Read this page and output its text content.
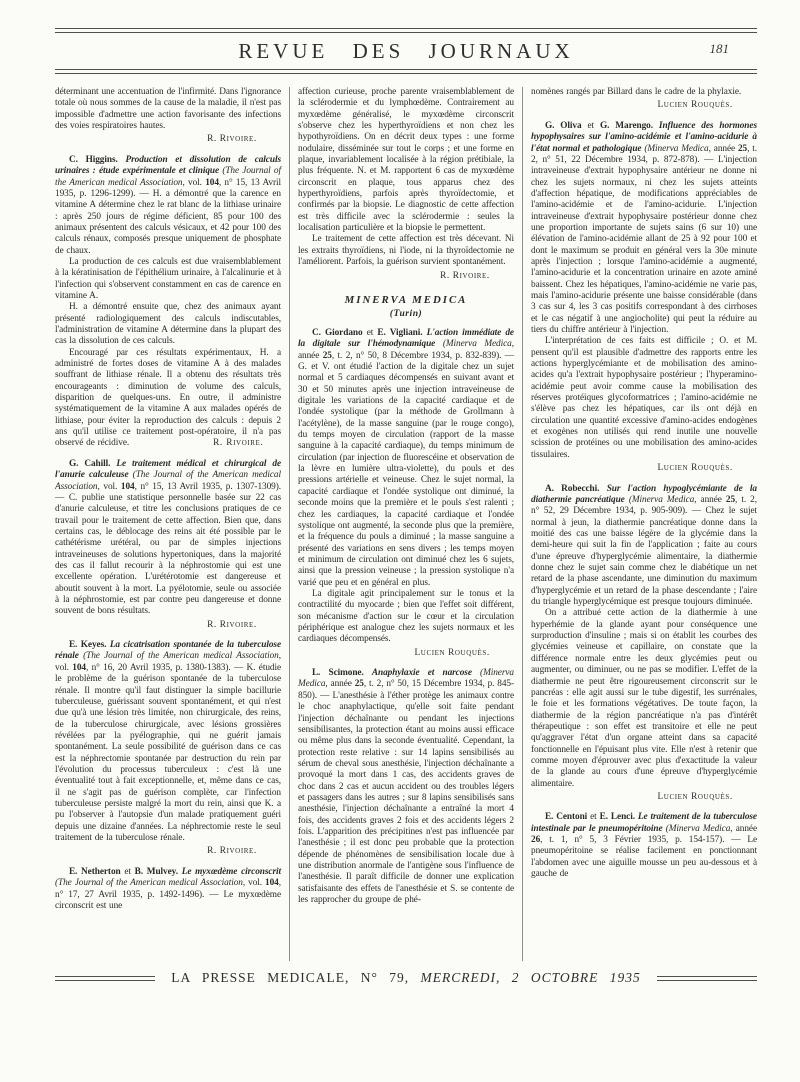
REVUE DES JOURNAUX	181

déterminant une accentuation de l'infirmité. Dans l'ignorance totale où nous sommes de la cause de la maladie, il n'est pas impossible d'admettre une action favorisante des infections des voies respiratoires hautes.

R. Rivoire.

C. Higgins. Production et dissolution de calculs urinaires : étude expérimentale et clinique (The Journal of the American medical Association, vol. 104, n° 15, 13 Avril 1935, p. 1296-1299). — H. a démontré que la carence en vitamine A détermine chez le rat blanc de la lithiase urinaire : après 250 jours de régime déficient, 85 pour 100 des animaux présentent des calculs vésicaux, et 42 pour 100 des calculs rénaux, composés presque uniquement de phosphate de chaux.

La production de ces calculs est due vraisemblablement à la kératinisation de l'épithélium urinaire, à l'alcalinurie et à l'infection qui s'observent constamment en cas de carence en vitamine A.

H. a démontré ensuite que, chez des animaux ayant présenté radiologiquement des calculs indiscutables, l'administration de vitamine A détermine dans la plupart des cas la dissolution de ces calculs.

Encouragé par ces résultats expérimentaux, H. a administré de fortes doses de vitamine A à des malades souffrant de lithiase rénale. Il a obtenu des résultats très encourageants : diminution de volume des calculs, disparition de quelques-uns. En outre, il administre systématiquement de la vitamine A aux malades opérés de lithiase, pour éviter la reproduction des calculs : depuis 2 ans qu'il utilise ce traitement post-opératoire, il n'a pas observé de récidive.	R. Rivoire.

G. Cahill. Le traitement médical et chirurgical de l'anurie calculeuse (The Journal of the American medical Association, vol. 104, n° 15, 13 Avril 1935, p. 1307-1309). — C. publie une statistique personnelle basée sur 22 cas d'anurie calculeuse, et titre les conclusions pratiques de ce travail pour le traitement de cette affection. Bien que, dans certains cas, le déblocage des reins ait été possible par le cathétérisme urétéral, ou par de simples injections intraveineuses de solutions hypertoniques, dans la majorité des cas il fallut recourir à la néphrostomie qui est une excellente opération. L'urétérotomie est dangereuse et aboutit souvent à la mort. La pyélotomie, seule ou associée à la néphrostomie, est par contre peu dangereuse et donne souvent de bons résultats.

R. Rivoire.

E. Keyes. La cicatrisation spontanée de la tuberculose rénale (The Journal of the American medical Association, vol. 104, n° 16, 20 Avril 1935, p. 1380-1383). — K. étudie le problème de la guérison spontanée de la tuberculose rénale. Il montre qu'il faut distinguer la simple bacillurie tuberculeuse, guérissant souvent spontanément, et qui n'est due qu'à une lésion très limitée, non chirurgicale, des reins, de la tuberculose chirurgicale, avec lésions grossières révélées par la pyélographie, qui ne guérit jamais spontanément. La seule possibilité de guérison dans ce cas est la néphrectomie spontanée par destruction du rein par l'évolution du processus tuberculeux : c'est là une éventualité tout à fait exceptionnelle, et, même dans ce cas, il ne s'agit pas de guérison complète, car l'infection tuberculeuse persiste malgré la mort du rein, ainsi que K. a pu l'observer à l'autopsie d'un malade pratiquement guéri depuis une dizaine d'années. La néphrectomie reste le seul traitement de la tuberculose rénale.

R. Rivoire.

E. Netherton et B. Mulvey. Le myxœdème circonscrit (The Journal of the American medical Association, vol. 104, n° 17, 27 Avril 1935, p. 1492-1496). — Le myxœdème circonscrit est une

affection curieuse, proche parente vraisemblablement de la sclérodermie et du lymphœdème. Contrairement au myxœdème généralisé, le myxœdème circonscrit s'observe chez les hyperthyroïdiens et non chez les hypothyroïdiens. On en décrit deux types : une forme nodulaire, disséminée sur tout le corps ; et une forme en plaque, invariablement localisée à la région prétibiale, la plus fréquente. N. et M. rapportent 6 cas de myxœdème circonscrit en plaque, tous apparus chez des hyperthyroïdiens, parfois après thyroïdectomie, et confirmés par la biopsie. Le diagnostic de cette affection est très difficile avec la sclérodermie : seules la localisation particulière et la biopsie le permettent.

Le traitement de cette affection est très décevant. Ni les extraits thyroïdiens, ni l'iode, ni la thyroïdectomie ne l'améliorent. Parfois, la guérison survient spontanément.

R. Rivoire.
MINERVA MEDICA
(Turin)

C. Giordano et E. Vigliani. L'action immédiate de la digitale sur l'hémodynamique (Minerva Medica, année 25, t. 2, n° 50, 8 Décembre 1934, p. 832-839). — G. et V. ont étudié l'action de la digitale chez un sujet normal et 5 cardiaques décompensés en suivant avant et 30 et 50 minutes après une injection intraveineuse de digitale les variations de la capacité cardiaque et de l'ondée systolique (par la méthode de Grollmann à l'acétylène), de la masse sanguine (par le rouge congo), du temps moyen de circulation (rapport de la masse sanguine à la capacité cardiaque), du temps minimum de circulation (par injection de fluorescéine et observation de la lèvre en lumière ultra-violette), du pouls et des pressions artérielle et veineuse. Chez le sujet normal, la capacité cardiaque et l'ondée systolique ont diminué, la seconde moins que la première et le pouls s'est ralenti ; chez les cardiaques, la capacité cardiaque et l'ondée systolique ont augmenté, la seconde plus que la première, et la fréquence du pouls a diminué ; la masse sanguine a présenté des variations en sens divers ; les temps moyen et minimum de circulation ont diminué chez les 6 sujets, ainsi que la pression veineuse ; la pression systolique n'a varié que peu et en général en plus.

La digitale agit principalement sur le tonus et la contractilité du myocarde ; bien que l'effet soit différent, son mécanisme d'action sur le cœur et la circulation périphérique est analogue chez les sujets normaux et les cardiaques décompensés.

Lucien Rouquès.

L. Scimone. Anaphylaxie et narcose (Minerva Medica, année 25, t. 2, n° 50, 15 Décembre 1934, p. 845-850). — L'anesthésie à l'éther protège les animaux contre le choc anaphylactique, qu'elle soit faite pendant l'injection déchaînante ou pendant les injections sensibilisantes, la protection étant au moins aussi efficace ou même plus dans la seconde éventualité. Cependant, la protection reste relative : sur 14 lapins sensibilisés au sérum de cheval sous anesthésie, l'injection déchaînante a provoqué la mort dans 1 cas, des accidents graves de choc dans 2 cas et aucun accident ou des troubles légers et passagers dans les autres ; sur 8 lapins sensibilisés sans anesthésie, l'injection déchaînante a entraîné la mort 4 fois, des accidents graves 2 fois et des accidents légers 2 fois. L'apparition des précipitines n'est pas influencée par l'anesthésie ; il est donc peu probable que la protection dépende de phénomènes de sensibilisation locale due à une distribution anormale de l'antigène sous l'influence de l'anesthésie. Il paraît difficile de donner une explication satisfaisante des effets de l'anesthésie et S. se contente de les rapprocher du groupe de phé-

nomènes rangés par Billard dans le cadre de la phylaxie.

Lucien Rouquès.

G. Oliva et G. Marengo. Influence des hormones hypophysaires sur l'amino-acidémie et l'amino-acidurie à l'état normal et pathologique (Minerva Medica, année 25, t. 2, n° 51, 22 Décembre 1934, p. 872-878). — L'injection intraveineuse d'extrait hypophysaire antérieur ne donne ni chez les sujets normaux, ni chez les sujets atteints d'affection hépatique, de modifications appréciables de l'amino-acidémie et de l'amino-acidurie. L'injection intraveineuse d'extrait hypophysaire postérieur donne chez une proportion importante de sujets sains (6 sur 10) une élévation de l'amino-acidémie allant de 25 à 92 pour 100 et dont le maximum se produit en général vers la 30e minute après l'injection ; lorsque l'amino-acidémie a augmenté, l'amino-acidurie et la concentration urinaire en azote aminé baissent. Chez les hépatiques, l'amino-acidémie ne varie pas, mais l'amino-acidurie présente une baisse considérable (dans 3 cas sur 4, les 3 cas positifs correspondant à des cirrhoses et le cas négatif à une angiocholite) qui peut la réduire au tiers du chiffre antérieur à l'injection.

L'interprétation de ces faits est difficile ; O. et M. pensent qu'il est plausible d'admettre des rapports entre les actions hyperglycémiante et de mobilisation des amino-acides qu'a l'extrait hypophysaire postérieur ; l'hyperamino-acidémie peut avoir comme cause la mobilisation des réserves protéiques glycoformatrices ; l'amino-acidémie ne s'élève pas chez les hépatiques, car ils ont déjà en circulation une quantité excessive d'amino-acides endogènes et exogènes non utilisés qui rend inutile une nouvelle scission de protéines ou une mobilisation des amino-acides tissulaires.

Lucien Rouquès.

A. Robecchi. Sur l'action hypoglycémiante de la diathermie pancréatique (Minerva Medica, année 25, t. 2, n° 52, 29 Décembre 1934, p. 905-909). — Chez le sujet normal à jeun, la diathermie pancréatique donne dans la moitié des cas une baisse légère de la glycémie dans la demi-heure qui suit la fin de l'application ; faite au cours d'une épreuve d'hyperglycémie alimentaire, la diathermie donne chez le sujet sain comme chez le diabétique un net retard de la phase ascendante, une diminution du maximum d'hyperglycémie et un retard de la phase descendante ; l'aire du triangle hyperglycémique est presque toujours diminuée.

On a attribué cette action de la diathermie à une hyperhémie de la glande ayant pour conséquence une surproduction d'insuline ; mais si on établit les courbes des glycémies veineuse et capillaire, on constate que la différence normale entre les deux glycémies peut ou augmenter, ou diminuer, ou ne pas se modifier. L'effet de la diathermie ne peut être rigoureusement circonscrit sur le pancréas : elle agit aussi sur le tube digestif, les surrénales, le foie et les formations végétatives. De toute façon, la diathermie de la région pancréatique n'a pas d'intérêt thérapeutique : son effet est transitoire et elle ne peut qu'aggraver l'état d'un organe atteint dans sa capacité fonctionnelle en l'épuisant plus vite. Elle n'est à retenir que comme moyen d'éprouver avec plus d'exactitude la valeur de la glande au cours d'une épreuve d'hyperglycémie alimentaire.

Lucien Rouquès.

E. Centoni et E. Lenci. Le traitement de la tuberculose intestinale par le pneumopéritoine (Minerva Medica, année 26, t. 1, n° 5, 3 Février 1935, p. 154-157). — Le pneumopéritoine se réalise facilement en ponctionnant l'abdomen avec une aiguille mousse un peu au-dessous et à gauche de

LA PRESSE MEDICALE, N° 79, MERCREDI, 2 OCTOBRE 1935
